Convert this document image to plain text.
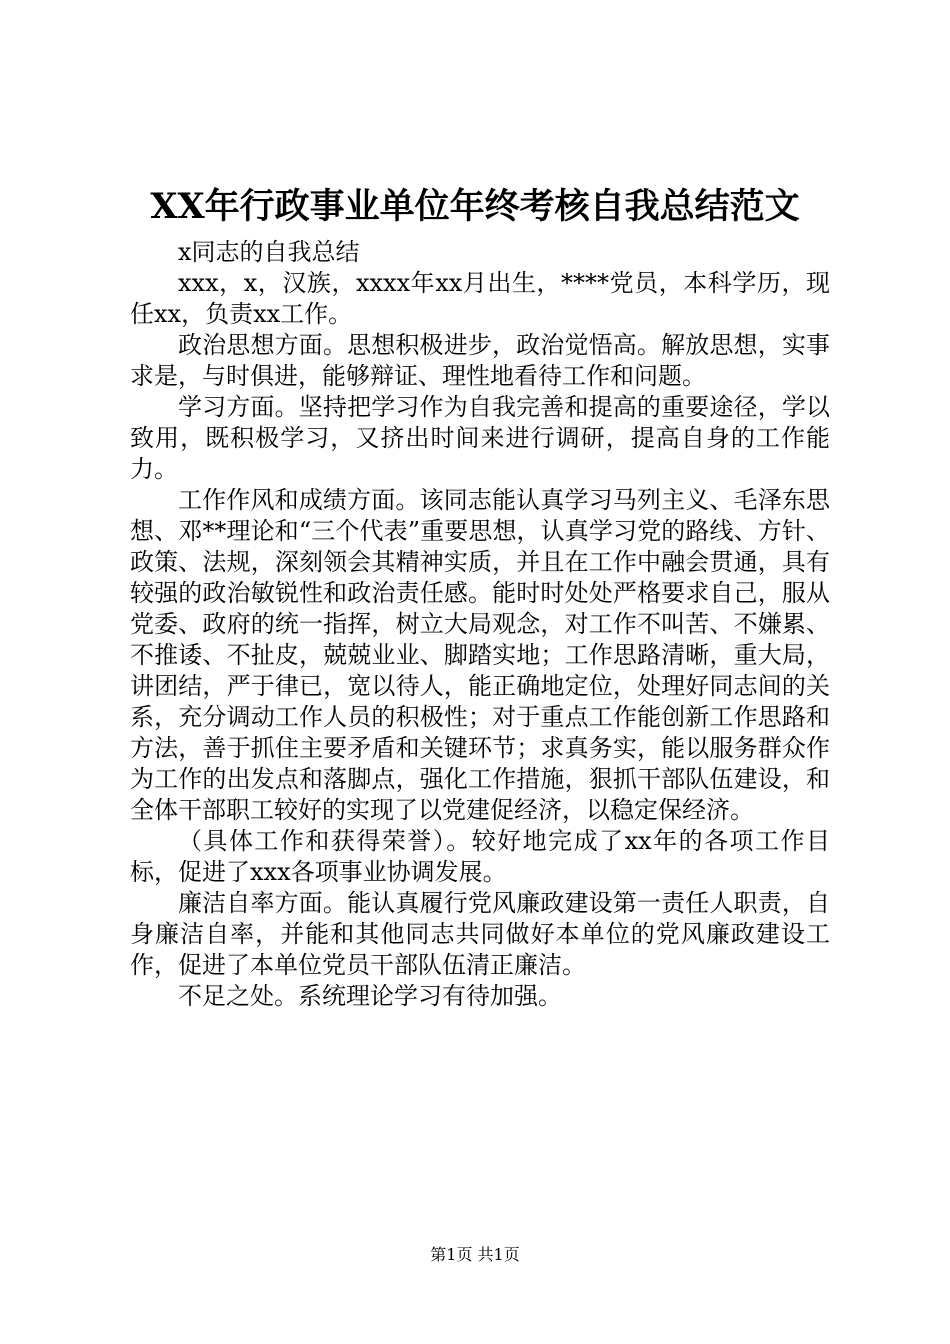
XX年行政事业单位年终考核自我总结范文

x同志的自我总结

xxx，x，汉族，xxxx年xx月出生，****党员，本科学历，现任xx，负责xx工作。

政治思想方面。思想积极进步，政治觉悟高。解放思想，实事求是，与时俱进，能够辩证、理性地看待工作和问题。

学习方面。坚持把学习作为自我完善和提高的重要途径，学以致用，既积极学习，又挤出时间来进行调研，提高自身的工作能力。

工作作风和成绩方面。该同志能认真学习马列主义、毛泽东思想、邓**理论和“三个代表”重要思想，认真学习党的路线、方针、政策、法规，深刻领会其精神实质，并且在工作中融会贯通，具有较强的政治敏锐性和政治责任感。能时时处处严格要求自己，服从党委、政府的统一指挥，树立大局观念，对工作不叫苦、不嫌累、不推诿、不扯皮，兢兢业业、脚踏实地；工作思路清晰，重大局，讲团结，严于律已，宽以待人，能正确地定位，处理好同志间的关系，充分调动工作人员的积极性；对于重点工作能创新工作思路和方法，善于抓住主要矛盾和关键环节；求真务实，能以服务群众作为工作的出发点和落脚点，强化工作措施，狠抓干部队伍建设，和全体干部职工较好的实现了以党建促经济，以稳定保经济。

（具体工作和获得荣誉）。较好地完成了xx年的各项工作目标，促进了xxx各项事业协调发展。

廉洁自率方面。能认真履行党风廉政建设第一责任人职责，自身廉洁自率，并能和其他同志共同做好本单位的党风廉政建设工作，促进了本单位党员干部队伍清正廉洁。

不足之处。系统理论学习有待加强。

第1页 共1页
